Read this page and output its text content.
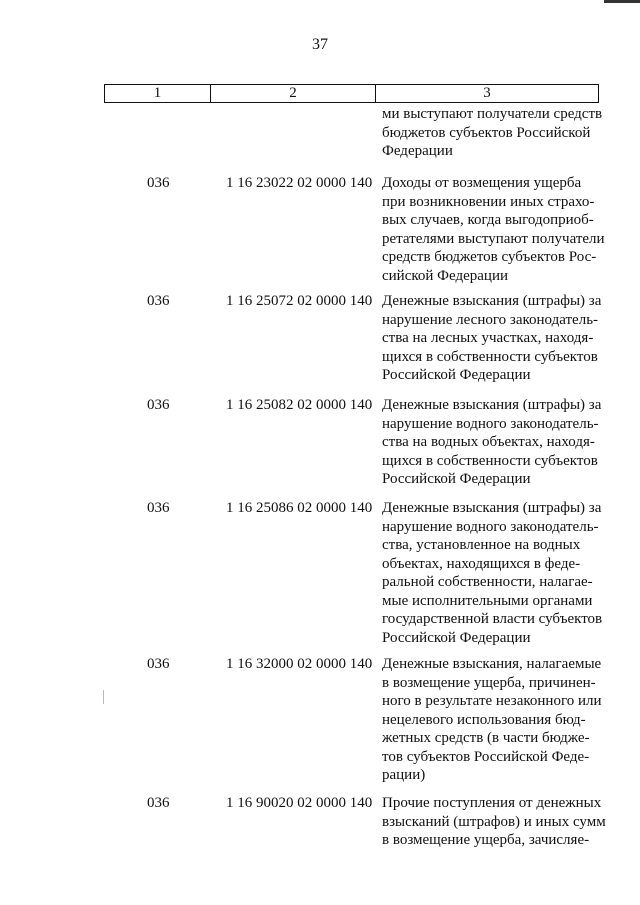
37
1	2	3
ми выступают получатели средств
бюджетов субъектов Российской
Федерации
036	1 16 23022 02 0000 140 Доходы от возмещения ущерба
при возникновении иных страхо-
вых случаев, когда выгодоприоб-
ретателями выступают получатели
средств бюджетов субъектов Рос-
сийской Федерации
036	1 16 25072 02 0000 140 Денежные взыскания (штрафы) за
нарушение лесного законодатель-
ства на лесных участках, находя-
щихся в собственности субъектов
Российской Федерации
036	1 16 25082 02 0000 140 Денежные взыскания (штрафы) за
нарушение водного законодатель-
ства на водных объектах, находя-
щихся в собственности субъектов
Российской Федерации
036	1 16 25086 02 0000 140 Денежные взыскания (штрафы) за
нарушение водного законодатель-
ства, установленное на водных
объектах, находящихся в феде-
ральной собственности, налагае-
мые исполнительными органами
государственной власти субъектов
Российской Федерации
036	1 16 32000 02 0000 140 Денежные взыскания, налагаемые
в возмещение ущерба, причинен-
ного в результате незаконного или
нецелевого использования бюд-
жетных средств (в части бюдже-
тов субъектов Российской Феде-
рации)
036	1 16 90020 02 0000 140 Прочие поступления от денежных
взысканий (штрафов) и иных сумм
в возмещение ущерба, зачисляе-
